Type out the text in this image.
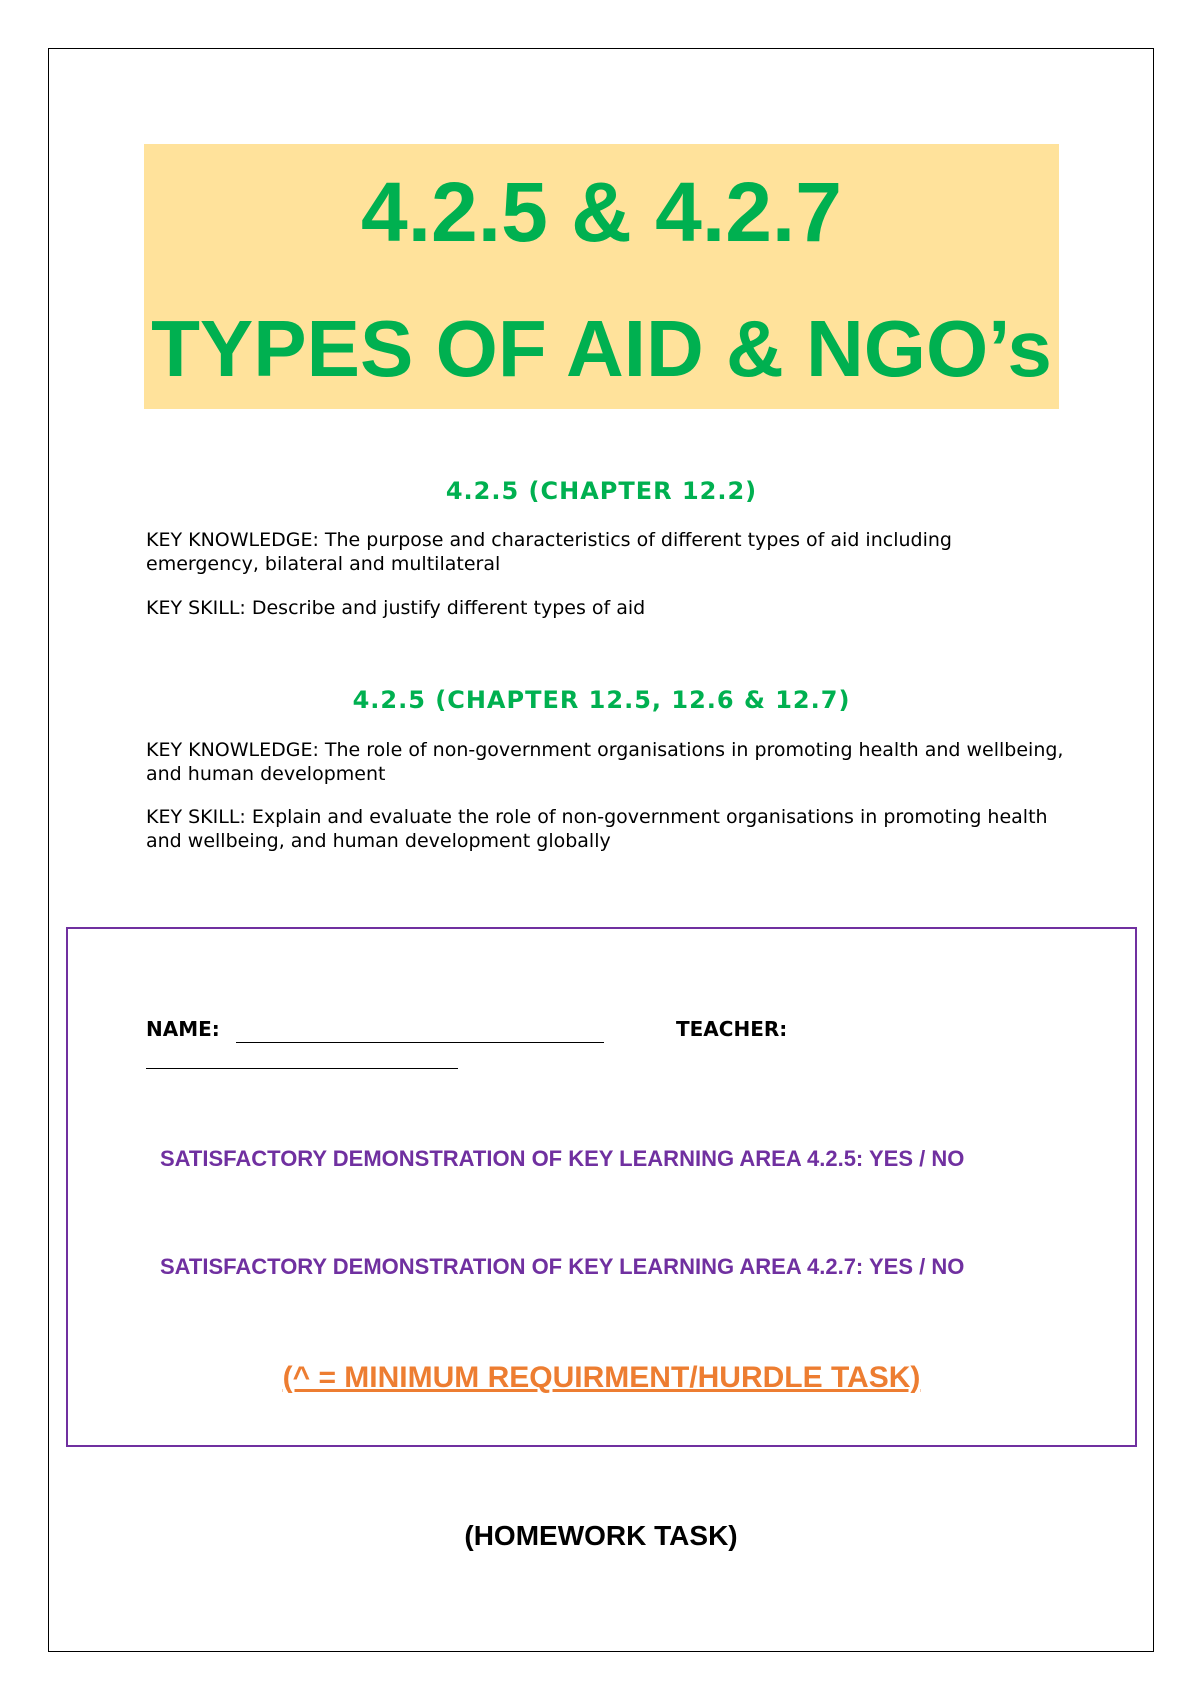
4.2.5 & 4.2.7
TYPES OF AID & NGO’s
4.2.5 (CHAPTER 12.2)
KEY KNOWLEDGE: The purpose and characteristics of different types of aid including emergency, bilateral and multilateral
KEY SKILL: Describe and justify different types of aid
4.2.5 (CHAPTER 12.5, 12.6 & 12.7)
KEY KNOWLEDGE: The role of non-government organisations in promoting health and wellbeing, and human development
KEY SKILL: Explain and evaluate the role of non-government organisations in promoting health and wellbeing, and human development globally
NAME:	TEACHER:
SATISFACTORY DEMONSTRATION OF KEY LEARNING AREA 4.2.5: YES / NO
SATISFACTORY DEMONSTRATION OF KEY LEARNING AREA 4.2.7: YES / NO
(^ = MINIMUM REQUIRMENT/HURDLE TASK)
(HOMEWORK TASK)
